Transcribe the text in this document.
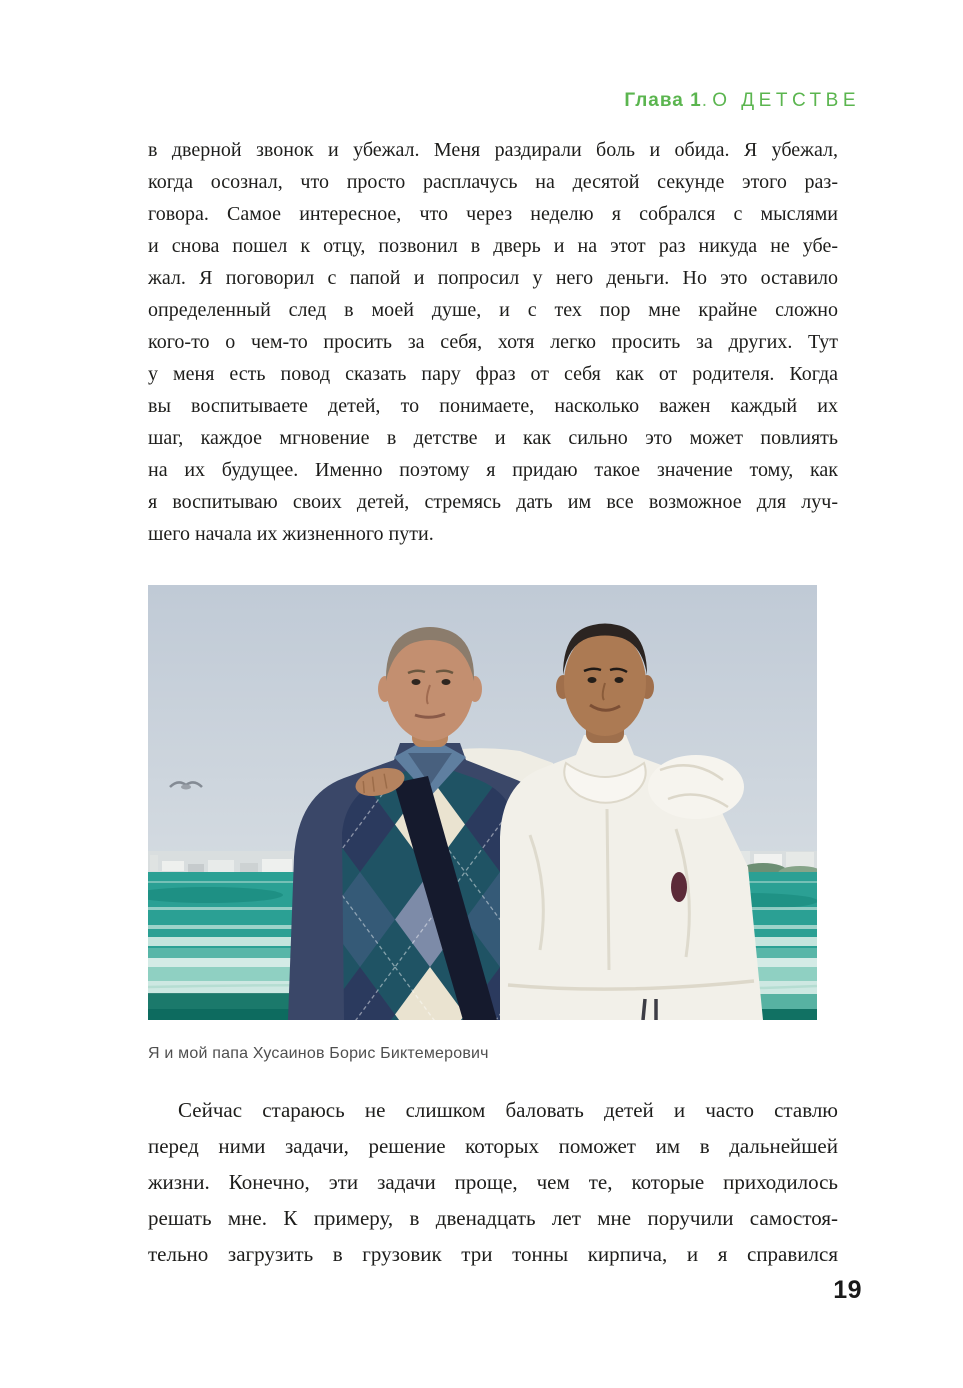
Глава 1. О ДЕТСТВЕ
в дверной звонок и убежал. Меня раздирали боль и обида. Я убежал,
когда осознал, что просто расплачусь на десятой секунде этого раз-
говора. Самое интересное, что через неделю я собрался с мыслями
и снова пошел к отцу, позвонил в дверь и на этот раз никуда не убе-
жал. Я поговорил с папой и попросил у него деньги. Но это оставило
определенный след в моей душе, и с тех пор мне крайне сложно
кого-то о чем-то просить за себя, хотя легко просить за других. Тут
у меня есть повод сказать пару фраз от себя как от родителя. Когда
вы воспитываете детей, то понимаете, насколько важен каждый их
шаг, каждое мгновение в детстве и как сильно это может повлиять
на их будущее. Именно поэтому я придаю такое значение тому, как
я воспитываю своих детей, стремясь дать им все возможное для луч-
шего начала их жизненного пути.
Я и мой папа Хусаинов Борис Биктемерович
Сейчас стараюсь не слишком баловать детей и часто ставлю
перед ними задачи, решение которых поможет им в дальнейшей
жизни. Конечно, эти задачи проще, чем те, которые приходилось
решать мне. К примеру, в двенадцать лет мне поручили самостоя-
тельно загрузить в грузовик три тонны кирпича, и я справился
19
